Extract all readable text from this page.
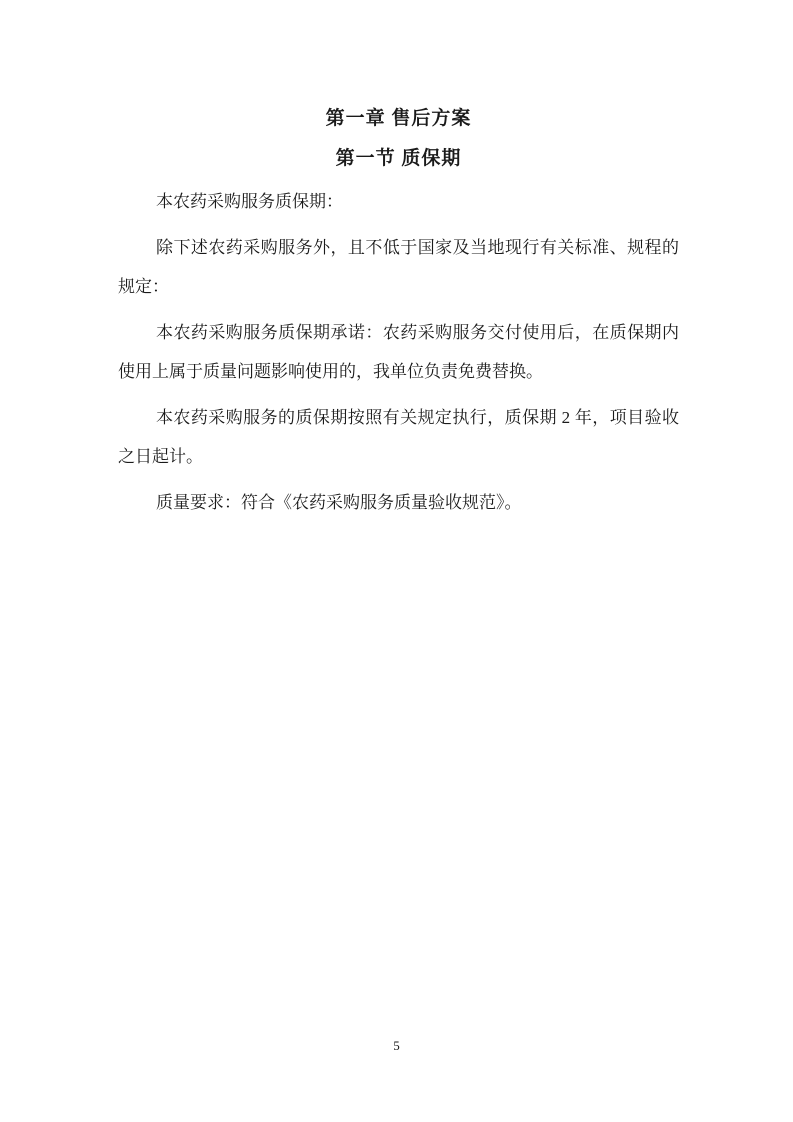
第一章 售后方案
第一节 质保期

本农药采购服务质保期：

除下述农药采购服务外，且不低于国家及当地现行有关标准、规程的规定：

本农药采购服务质保期承诺：农药采购服务交付使用后，在质保期内使用上属于质量问题影响使用的，我单位负责免费替换。

本农药采购服务的质保期按照有关规定执行，质保期 2 年，项目验收之日起计。

质量要求：符合《农药采购服务质量验收规范》。

5
